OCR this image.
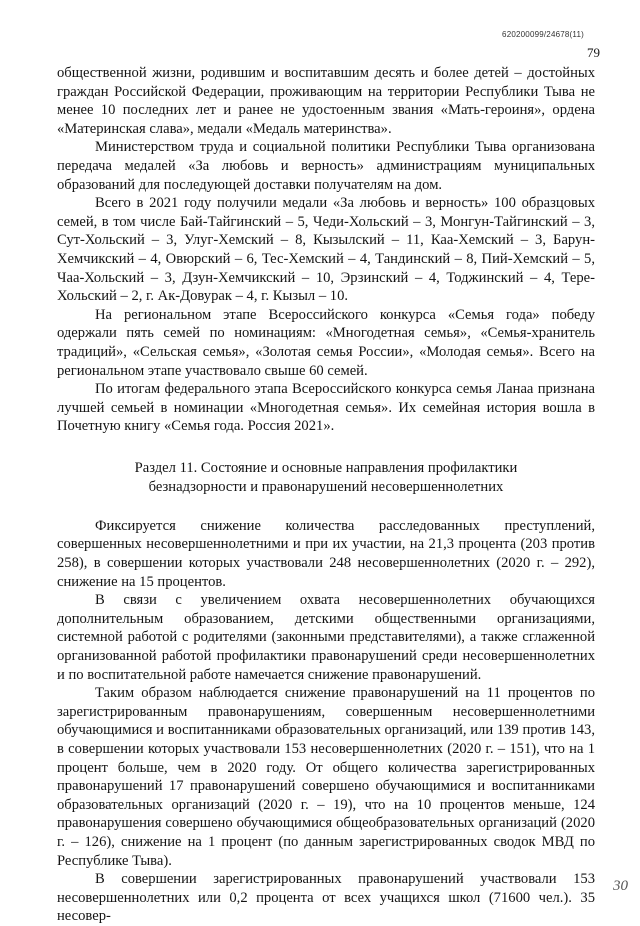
620200099/24678(11)
79

общественной жизни, родившим и воспитавшим десять и более детей – достойных граждан Российской Федерации, проживающим на территории Республики Тыва не менее 10 последних лет и ранее не удостоенным звания «Мать-героиня», ордена «Материнская слава», медали «Медаль материнства».

Министерством труда и социальной политики Республики Тыва организована передача медалей «За любовь и верность» администрациям муниципальных образований для последующей доставки получателям на дом.

Всего в 2021 году получили медали «За любовь и верность» 100 образцовых семей, в том числе Бай-Тайгинский – 5, Чеди-Хольский – 3, Монгун-Тайгинский – 3, Сут-Хольский – 3, Улуг-Хемский – 8, Кызылский – 11, Каа-Хемский – 3, Барун-Хемчикский – 4, Овюрский – 6, Тес-Хемский – 4, Тандинский – 8, Пий-Хемский – 5, Чаа-Хольский – 3, Дзун-Хемчикский – 10, Эрзинский – 4, Тоджинский – 4, Тере-Хольский – 2, г. Ак-Довурак – 4, г. Кызыл – 10.

На региональном этапе Всероссийского конкурса «Семья года» победу одержали пять семей по номинациям: «Многодетная семья», «Семья-хранитель традиций», «Сельская семья», «Золотая семья России», «Молодая семья». Всего на региональном этапе участвовало свыше 60 семей.

По итогам федерального этапа Всероссийского конкурса семья Ланаа признана лучшей семьей в номинации «Многодетная семья». Их семейная история вошла в Почетную книгу «Семья года. Россия 2021».

Раздел 11. Состояние и основные направления профилактики
безнадзорности и правонарушений несовершеннолетних

Фиксируется снижение количества расследованных преступлений, совершенных несовершеннолетними и при их участии, на 21,3 процента (203 против 258), в совершении которых участвовали 248 несовершеннолетних (2020 г. – 292), снижение на 15 процентов.

В связи с увеличением охвата несовершеннолетних обучающихся дополнительным образованием, детскими общественными организациями, системной работой с родителями (законными представителями), а также сглаженной организованной работой профилактики правонарушений среди несовершеннолетних и по воспитательной работе намечается снижение правонарушений.

Таким образом наблюдается снижение правонарушений на 11 процентов по зарегистрированным правонарушениям, совершенным несовершеннолетними обучающимися и воспитанниками образовательных организаций, или 139 против 143, в совершении которых участвовали 153 несовершеннолетних (2020 г. – 151), что на 1 процент больше, чем в 2020 году. От общего количества зарегистрированных правонарушений 17 правонарушений совершено обучающимися и воспитанниками образовательных организаций (2020 г. – 19), что на 10 процентов меньше, 124 правонарушения совершено обучающимися общеобразовательных организаций (2020 г. – 126), снижение на 1 процент (по данным зарегистрированных сводок МВД по Республике Тыва).

В совершении зарегистрированных правонарушений участвовали 153 несовершеннолетних или 0,2 процента от всех учащихся школ (71600 чел.). 35 несовер-

30
